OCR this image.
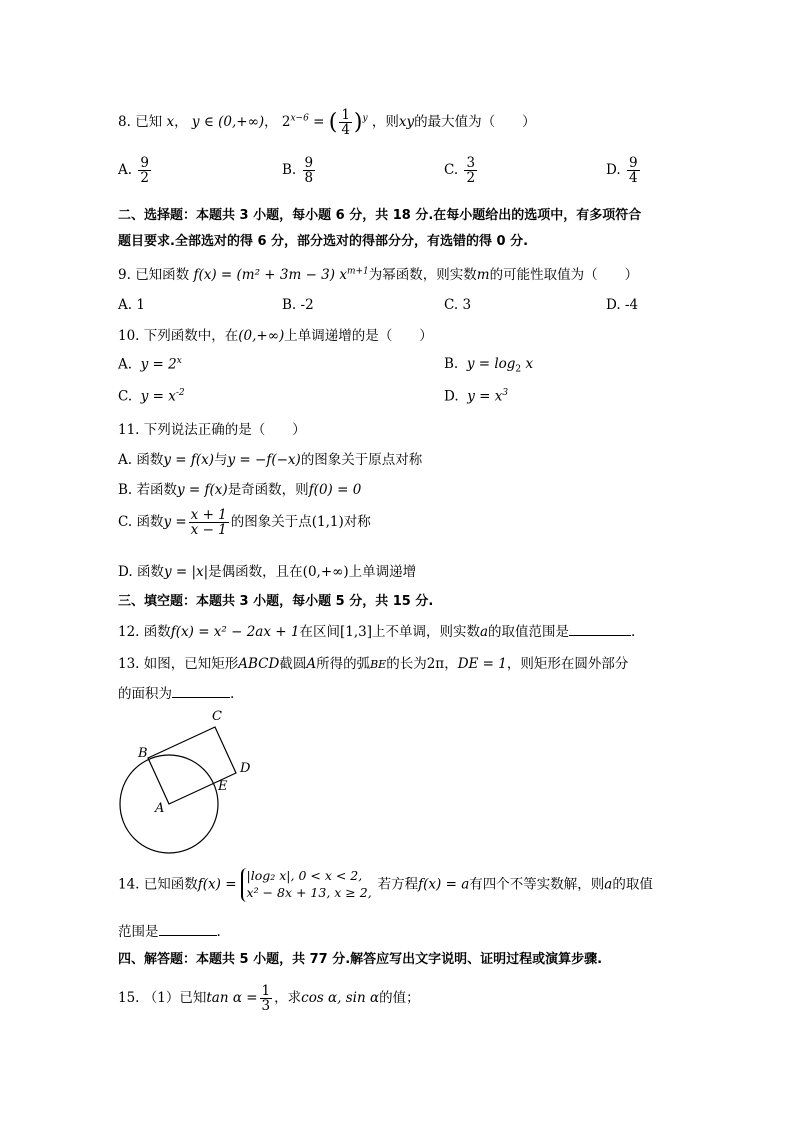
8. 已知 x， y ∈ (0,+∞)， $2^{x-6}$ = ( $\frac{1}{4} )^y$ ，则xy的最大值为（　　）
A. $\frac{9}{2}$	B. $\frac{9}{8}$	C. $\frac{3}{2}$	D. $\frac{9}{4}$
二、选择题：本题共 3 小题，每小题 6 分，共 18 分.在每小题给出的选项中，有多项符合
题目要求.全部选对的得 6 分，部分选对的得部分分，有选错的得 0 分.
9. 已知函数 f(x) = (m² + 3m − 3) $x^{m+1}$为幂函数，则实数m的可能性取值为（　　）
A. 1	B. -2	C. 3	D. -4
10. 下列函数中，在(0,+∞)上单调递增的是（　　）
A. $y = 2^x$	B. $y = \log_2 x$
C. $y = x^{-2}$	D. $y = x^3$
11. 下列说法正确的是（　　）
A. 函数y = f(x)与y = −f(−x)的图象关于原点对称
B. 若函数y = f(x)是奇函数，则f(0) = 0
C. 函数$y = \frac{x + 1}{x - 1}$ 的图象关于点(1,1)对称
D. 函数y = |x|是偶函数，且在(0,+∞)上单调递增
三、填空题：本题共 3 小题，每小题 5 分，共 15 分.
12. 函数f(x) = x² − 2ax + 1在区间[1,3]上不单调，则实数a的取值范围是	.
13. 如图，已知矩形ABCD截圆A所得的弧BE的长为2π，DE = 1，则矩形在圆外部分
的面积为	.
A
B
C
D
E
14. 已知函数f(x) =
|log₂ x|, 0 < x < 2,
x² − 8x + 13, x ≥ 2, 若方程f(x) = a有四个不等实数解，则a的取值
范围是	.
四、解答题：本题共 5 小题，共 77 分.解答应写出文字说明、证明过程或演算步骤.
15. （1）已知$\tan \alpha = \frac{1}{3}$ ，求cos α, sin α的值；
